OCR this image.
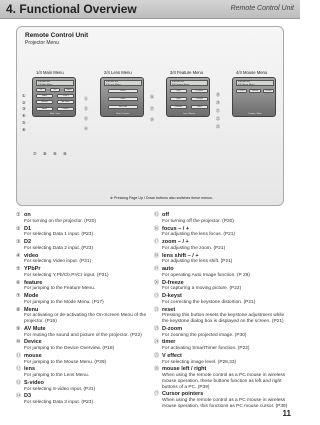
4. Functional Overview	Remote Control Unit
Remote Control Unit
Projector Menu
1/4 Main Menu	2/4 Lens Menu	3/4 Feature Menu	4/4 Mouse Menu
Function left
1/4 Main Menu
D1	D2	video
video	Y/PbPr
feature	AV Mute
Menu	Device
Main / Lens
Function left
2/4 Lens Menu
Focus
zoom
lens shift
Main / Feature
Function left
3/4 Feature Menu
auto	D-freeze
reset	D-keyst
D-zoom	timer
Lens / Mouse
Function left
4/4 Mouse Menu
L-click	mouse	R-click
Feature / Main
①
②
③
④
⑤
⑥
⑦ ⑧ ⑨ ⑩
⑪
⑫
⑬
⑭
⑯
⑰
⑱
⑲
⑳
㉑
㉒
㉓
※ Pressing Page Up / Down buttons also switches these menus.
① on
For turning on the projector. (P20)
② D1
For selecting Data 1 input. (P23)
③ D2
For selecting Data 2 input. (P23)
④ video
For selecting Video input. (P31)
⑤ YPbPr
For selecting Y,Pb/Cb,Pr/Cr input. (P31)
⑥ feature
For jumping to the Feature Menu.
⑦ Mode
For jumping to the Mode Menu. (P17)
⑧ Menu
For activating or de-activating the On-Screen Menu of the projector. (P19)
⑨ AV Mute
For muting the sound and picture of the projector. (P22)
⑩ Device
For jumping to the Device Overview. (P19)
⑪ mouse
For jumping to the Mouse Menu. (P39)
⑫ lens
For jumping to the Lens Menu.
⑬ S-video
For selecting S-video input. (P31)
⑭ D3
For selecting Data 3 input. (P23)
⑮ off
For turning off the projector. (P20)
⑯ focus – / +
For adjusting the lens focus. (P21)
⑰ zoom – / +
For adjusting the zoom. (P21)
⑱ lens shift – / +
For adjusting the lens shift. (P21)
⑲ auto
For operating Auto Image function. (P 29)
⑳ D-freeze
For capturing a moving picture. (P22)
㉑ D-keyst
For correcting the keystone distortion. (P21)
㉒ reset
Pressing this button resets the keystone adjustment while the keystone dialog box is displayed on the screen. (P21)
㉓ D-zoom
For zooming the projected image. (P30)
㉔ timer
For activating SmartTimer function. (P22)
㉕ V effect
For selecting image level. (P28,33)
㉖ mouse left / right
When using the remote control as a PC mouse in wireless mouse operation, these buttons function as left and right buttons of a PC. (P39)
㉗ Cursor pointers
When using the remote control as a PC mouse in wireless mouse operation, this functions as PC mouse cursor. (P39)
11
